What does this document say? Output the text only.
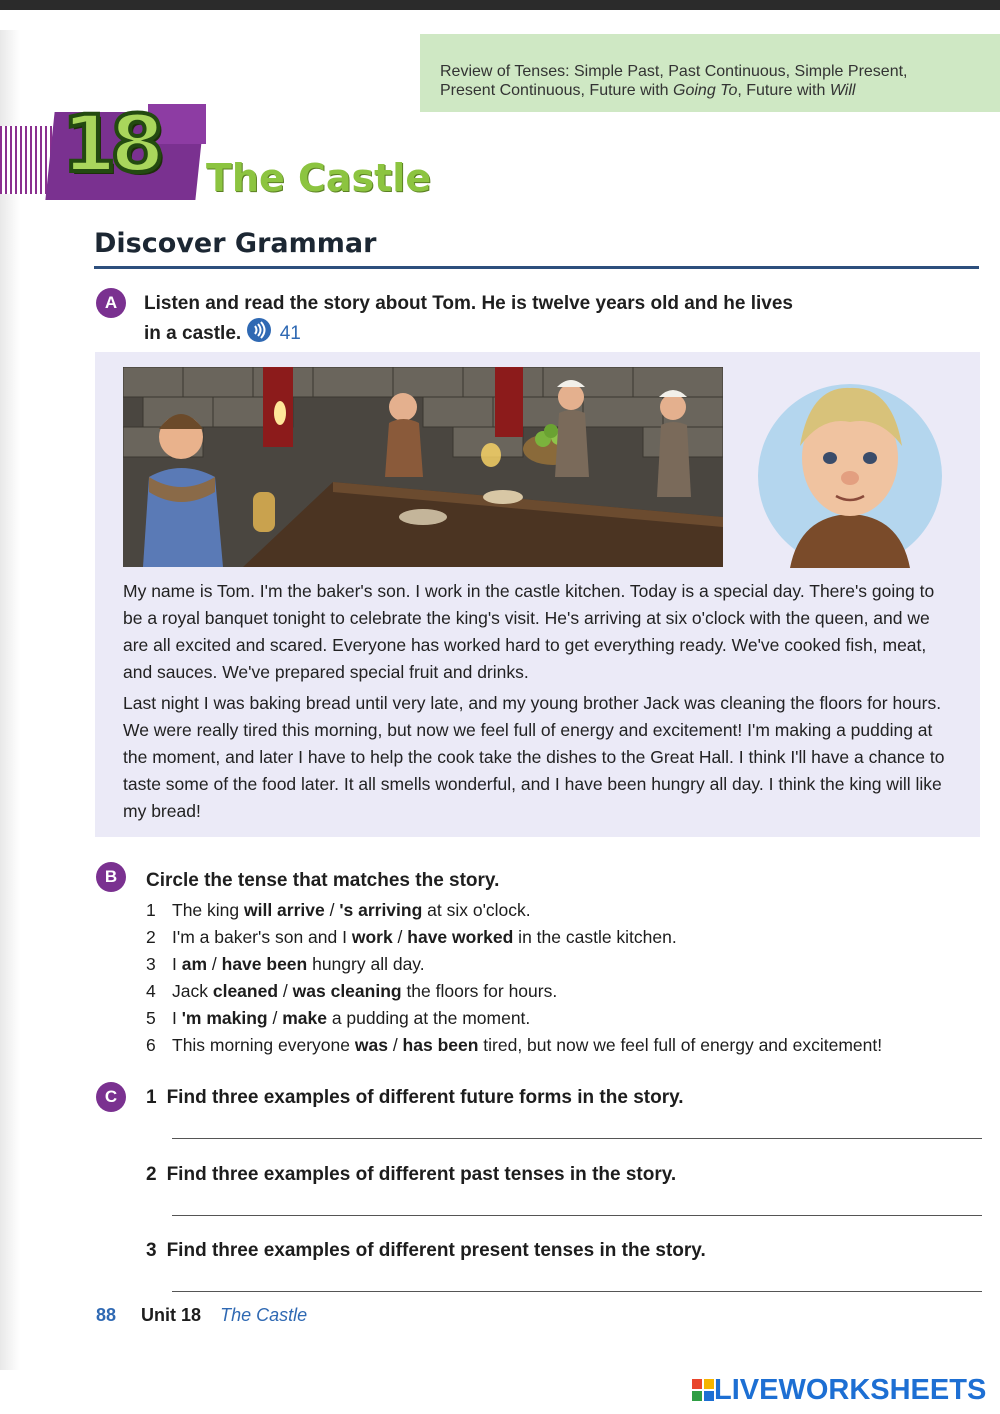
Review of Tenses: Simple Past, Past Continuous, Simple Present,
Present Continuous, Future with Going To, Future with Will
18	The Castle
Discover Grammar
A	Listen and read the story about Tom. He is twelve years old and he lives
in a castle. 41

My name is Tom. I'm the baker's son. I work in the castle kitchen. Today is a special day. There's going to be a royal banquet tonight to celebrate the king's visit. He's arriving at six o'clock with the queen, and we are all excited and scared. Everyone has worked hard to get everything ready. We've cooked fish, meat, and sauces. We've prepared special fruit and drinks.

Last night I was baking bread until very late, and my young brother Jack was cleaning the floors for hours. We were really tired this morning, but now we feel full of energy and excitement! I'm making a pudding at the moment, and later I have to help the cook take the dishes to the Great Hall. I think I'll have a chance to taste some of the food later. It all smells wonderful, and I have been hungry all day. I think the king will like my bread!

B	Circle the tense that matches the story.
1 The king will arrive / 's arriving at six o'clock.
2 I'm a baker's son and I work / have worked in the castle kitchen.
3 I am / have been hungry all day.
4 Jack cleaned / was cleaning the floors for hours.
5 I 'm making / make a pudding at the moment.
6 This morning everyone was / has been tired, but now we feel full of energy and excitement!
C	1 Find three examples of different future forms in the story.
2 Find three examples of different past tenses in the story.
3 Find three examples of different present tenses in the story.
88 Unit 18 The Castle
LIVEWORKSHEETS
